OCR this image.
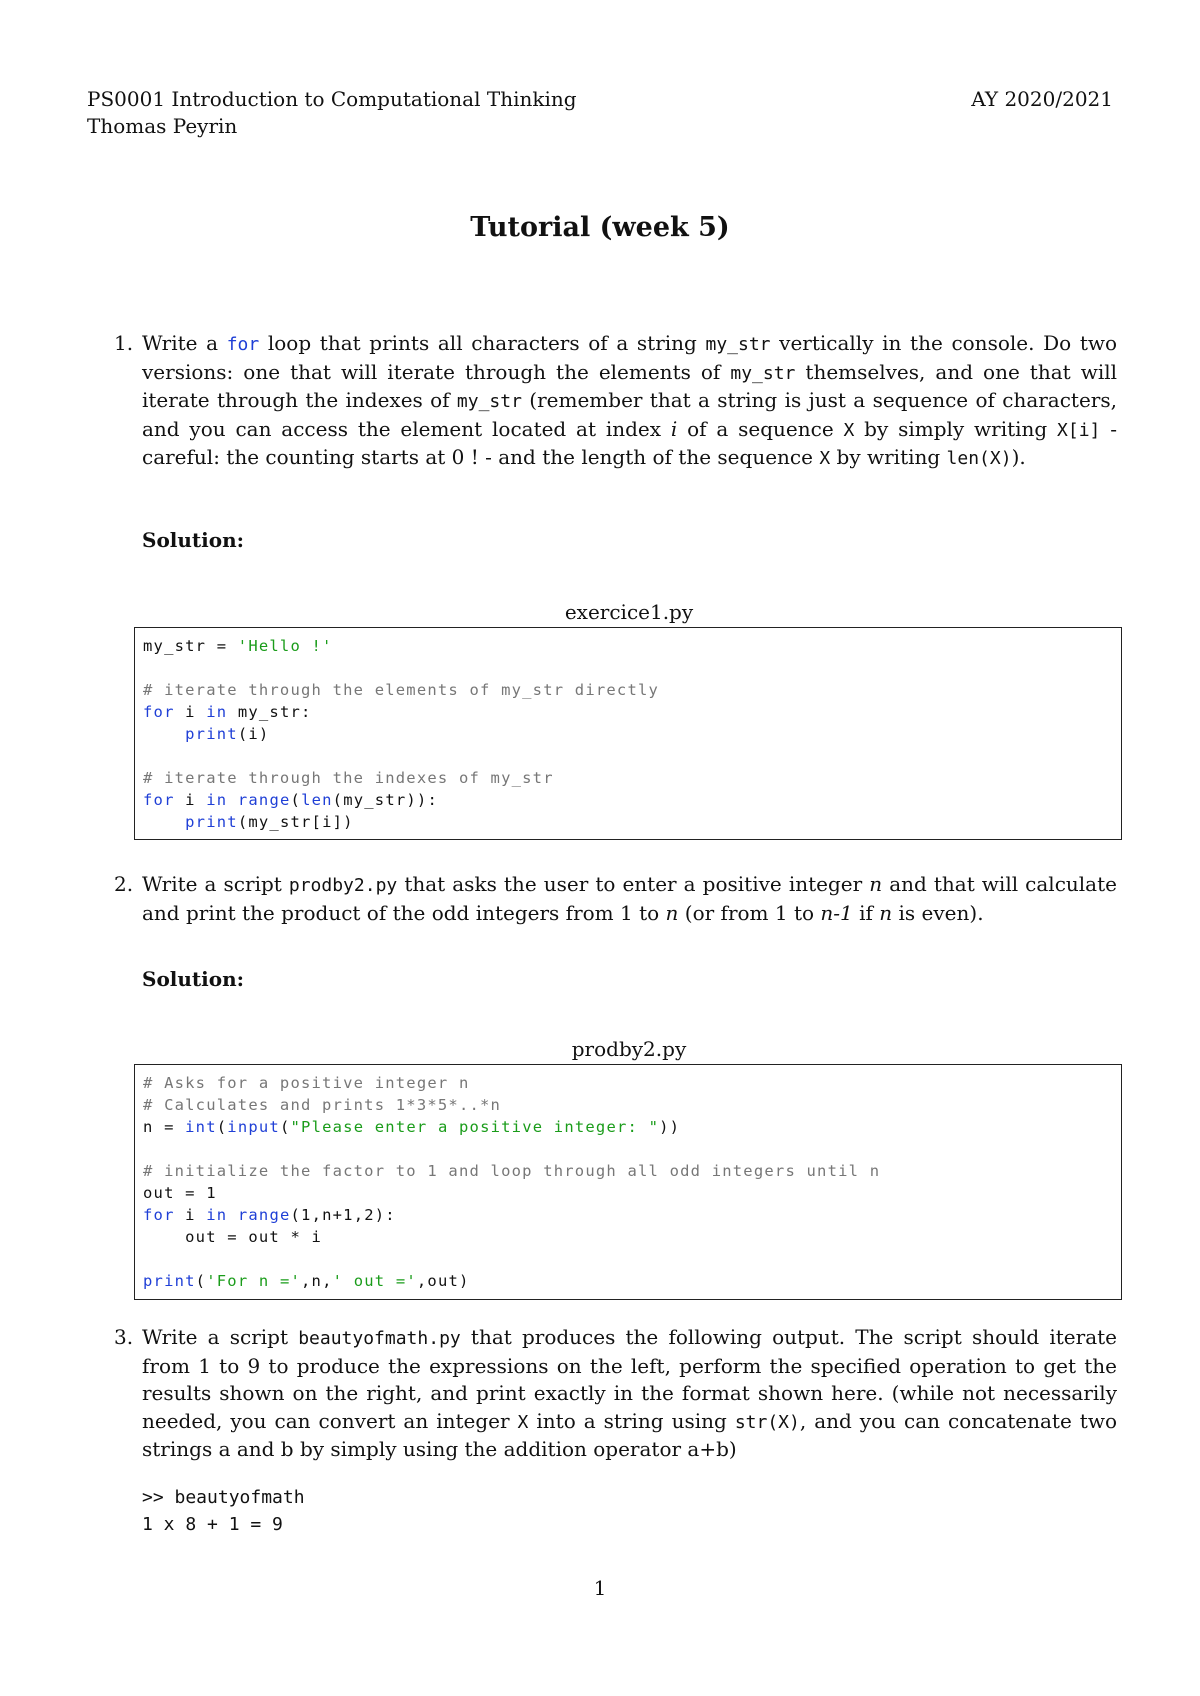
PS0001 Introduction to Computational Thinking
Thomas Peyrin
AY 2020/2021
Tutorial (week 5)
1. Write a for loop that prints all characters of a string my_str vertically in the console. Do two versions: one that will iterate through the elements of my_str themselves, and one that will iterate through the indexes of my_str (remember that a string is just a sequence of characters, and you can access the element located at index i of a sequence X by simply writing X[i] - careful: the counting starts at 0 ! - and the length of the sequence X by writing len(X)).
Solution:
exercice1.py
my_str = 'Hello !'
# iterate through the elements of my_str directly
for i in my_str:
print(i)
# iterate through the indexes of my_str
for i in range(len(my_str)):
print(my_str[i])
2. Write a script prodby2.py that asks the user to enter a positive integer n and that will calculate and print the product of the odd integers from 1 to n (or from 1 to n-1 if n is even).
Solution:
prodby2.py
# Asks for a positive integer n
# Calculates and prints 1*3*5*..*n
n = int(input("Please enter a positive integer: "))
# initialize the factor to 1 and loop through all odd integers until n
out = 1
for i in range(1,n+1,2):
out = out * i
print('For n =',n,' out =',out)
3. Write a script beautyofmath.py that produces the following output. The script should iterate from 1 to 9 to produce the expressions on the left, perform the specified operation to get the results shown on the right, and print exactly in the format shown here. (while not necessarily needed, you can convert an integer X into a string using str(X), and you can concatenate two strings a and b by simply using the addition operator a+b)
>> beautyofmath
1 x 8 + 1 = 9
1
